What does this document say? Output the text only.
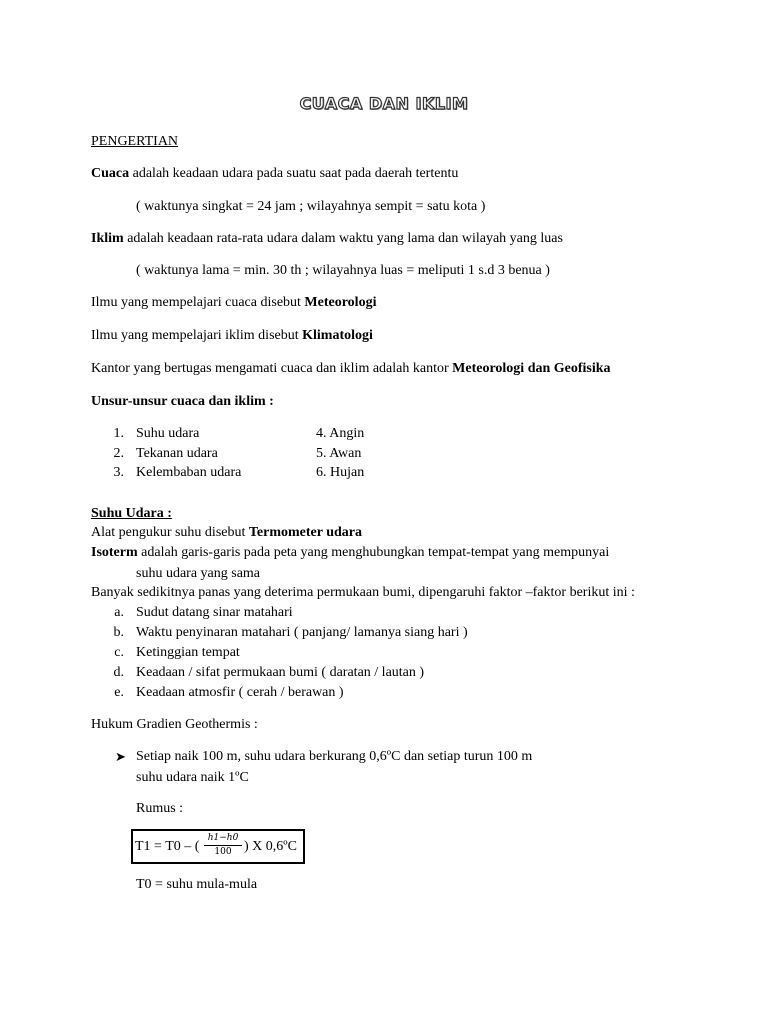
CUACA DAN IKLIM
PENGERTIAN
Cuaca adalah keadaan udara pada suatu saat pada daerah tertentu
( waktunya singkat = 24 jam ; wilayahnya sempit = satu kota )
Iklim adalah keadaan rata-rata udara dalam waktu yang lama dan wilayah yang luas
( waktunya lama = min. 30 th ; wilayahnya luas = meliputi 1 s.d 3 benua )
Ilmu yang mempelajari cuaca disebut Meteorologi
Ilmu yang mempelajari iklim disebut Klimatologi
Kantor yang bertugas mengamati cuaca dan iklim adalah kantor Meteorologi dan Geofisika
Unsur-unsur cuaca dan iklim :
1. Suhu udara
2. Tekanan udara
3. Kelembaban udara
4. Angin
5. Awan
6. Hujan
Suhu Udara :
Alat pengukur suhu disebut Termometer udara
Isoterm adalah garis-garis pada peta yang menghubungkan tempat-tempat yang mempunyai
suhu udara yang sama
Banyak sedikitnya panas yang deterima permukaan bumi, dipengaruhi faktor –faktor berikut ini :
a. Sudut datang sinar matahari
b. Waktu penyinaran matahari ( panjang/ lamanya siang hari )
c. Ketinggian tempat
d. Keadaan / sifat permukaan bumi ( daratan / lautan )
e. Keadaan atmosfir ( cerah / berawan )
Hukum Gradien Geothermis :
➤ Setiap naik 100 m, suhu udara berkurang 0,6ºC dan setiap turun 100 m
suhu udara naik 1ºC
Rumus :
T1 = T0 – (
h1−h0
100 ) X 0,6ºC
T0 = suhu mula-mula
